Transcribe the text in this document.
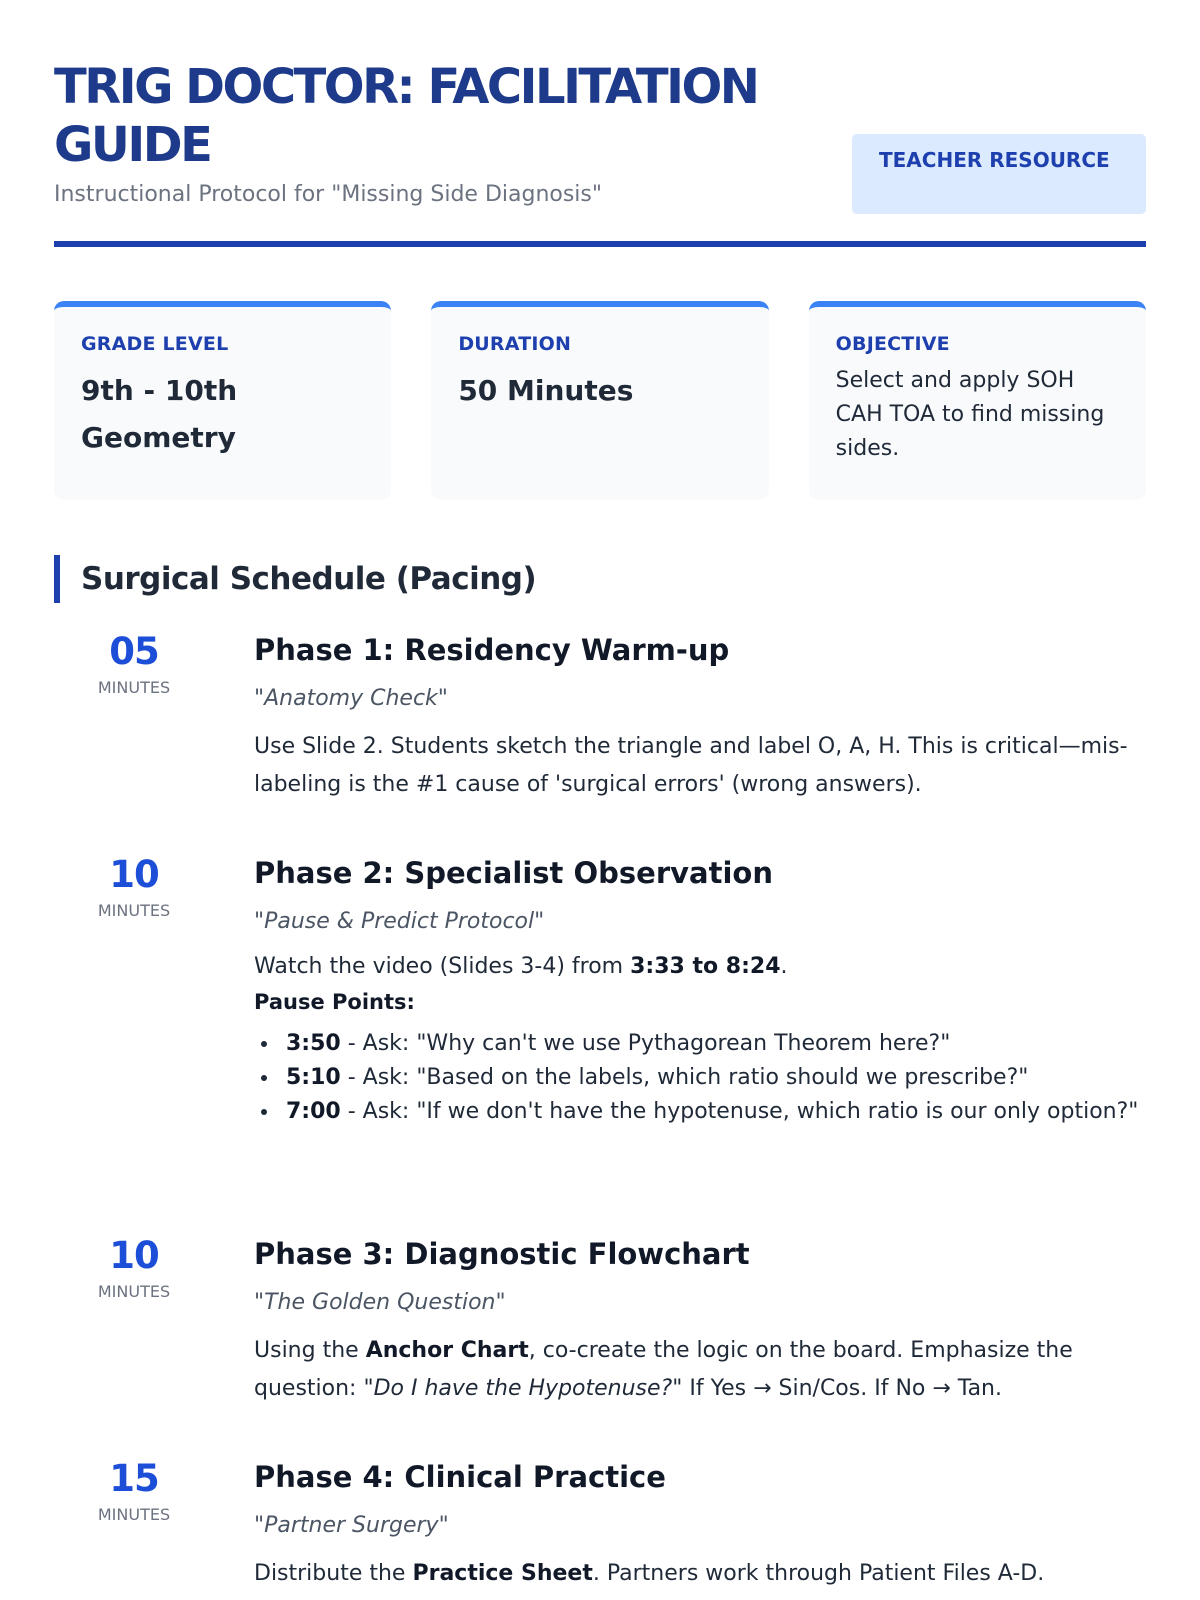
TRIG DOCTOR: FACILITATION GUIDE
Instructional Protocol for "Missing Side Diagnosis"
TEACHER RESOURCE
GRADE LEVEL
9th - 10th Geometry
DURATION
50 Minutes
OBJECTIVE
Select and apply SOH CAH TOA to find missing sides.
Surgical Schedule (Pacing)
05
MINUTES
Phase 1: Residency Warm-up
"Anatomy Check"
Use Slide 2. Students sketch the triangle and label O, A, H. This is critical—mis-labeling is the #1 cause of 'surgical errors' (wrong answers).
10
MINUTES
Phase 2: Specialist Observation
"Pause & Predict Protocol"
Watch the video (Slides 3-4) from 3:33 to 8:24.
Pause Points:
• 3:50 - Ask: "Why can't we use Pythagorean Theorem here?"
• 5:10 - Ask: "Based on the labels, which ratio should we prescribe?"
• 7:00 - Ask: "If we don't have the hypotenuse, which ratio is our only option?"
10
MINUTES
Phase 3: Diagnostic Flowchart
"The Golden Question"
Using the Anchor Chart, co-create the logic on the board. Emphasize the question: "Do I have the Hypotenuse?" If Yes → Sin/Cos. If No → Tan.
15
MINUTES
Phase 4: Clinical Practice
"Partner Surgery"
Distribute the Practice Sheet. Partners work through Patient Files A-D.
